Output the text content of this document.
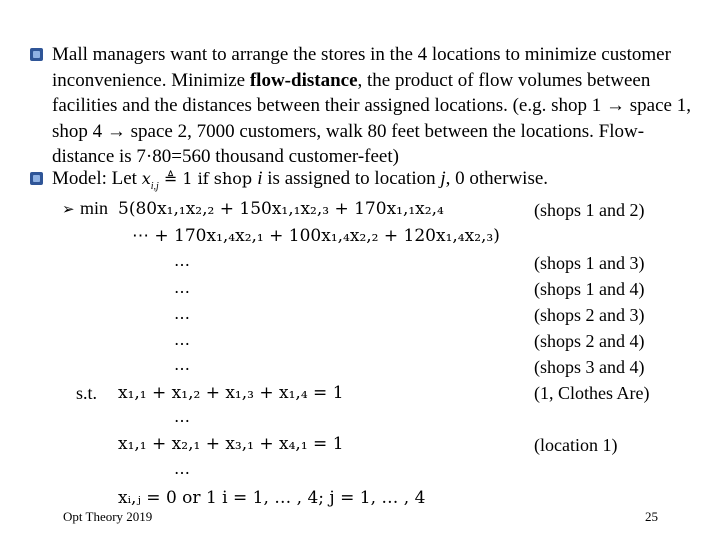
Mall managers want to arrange the stores in the 4 locations to minimize customer inconvenience. Minimize flow-distance, the product of flow volumes between facilities and the distances between their assigned locations. (e.g. shop 1 → space 1, shop 4 → space 2, 7000 customers, walk 80 feet between the locations. Flow-distance is 7·80=560 thousand customer-feet)
Model: Let $x_{i,j}$ ≜ 1 if shop i is assigned to location j, 0 otherwise.
➢ min 5(80x₁,₁x₂,₂ + 150x₁,₁x₂,₃ + 170x₁,₁x₂,₄
⋯ + 170x₁,₄x₂,₁ + 100x₁,₄x₂,₂ + 120x₁,₄x₂,₃)
…
…
…
…
…
s.t. x₁,₁ + x₁,₂ + x₁,₃ + x₁,₄ = 1
…
x₁,₁ + x₂,₁ + x₃,₁ + x₄,₁ = 1
…
xᵢ,ⱼ = 0 or 1 i = 1, … , 4; j = 1, … , 4
(shops 1 and 2)
(shops 1 and 3)
(shops 1 and 4)
(shops 2 and 3)
(shops 2 and 4)
(shops 3 and 4)
(1, Clothes Are)
(location 1)
Opt Theory 2019	25
